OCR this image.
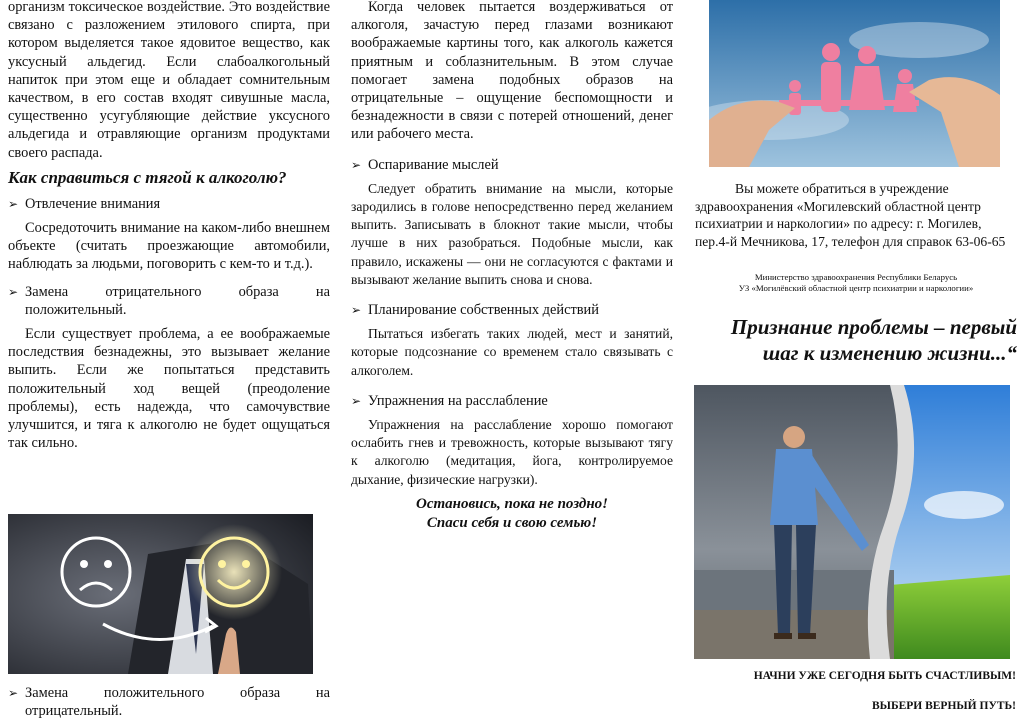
организм токсическое воздействие. Это воздействие связано с разложением этилового спирта, при котором выделяется такое ядовитое вещество, как уксусный альдегид. Если слабоалкогольный напиток при этом еще и обладает сомнительным качеством, в его состав входят сивушные масла, существенно усугубляющие действие уксусного альдегида и отравляющие организм продуктами своего распада.

Как справиться с тягой к алкоголю?
➢ Отвлечение внимания

Сосредоточить внимание на каком-либо внешнем объекте (считать проезжающие автомобили, наблюдать за людьми, поговорить с кем-то и т.д.).

➢ Замена отрицательного образа на положительный.

Если существует проблема, а ее воображаемые последствия безнадежны, это вызывает желание выпить. Если же попытаться представить положительный ход вещей (преодоление проблемы), есть надежда, что самочувствие улучшится, и тяга к алкоголю не будет ощущаться так сильно.

➢ Замена положительного образа на отрицательный.

Когда человек пытается воздерживаться от алкоголя, зачастую перед глазами возникают воображаемые картины того, как алкоголь кажется приятным и соблазнительным. В этом случае помогает замена подобных образов на отрицательные – ощущение беспомощности и безнадежности в связи с потерей отношений, денег или рабочего места.

➢ Оспаривание мыслей

Следует обратить внимание на мысли, которые зародились в голове непосредственно перед желанием выпить. Записывать в блокнот такие мысли, чтобы лучше в них разобраться. Подобные мысли, как правило, искажены — они не согласуются с фактами и вызывают желание выпить снова и снова.

➢ Планирование собственных действий

Пытаться избегать таких людей, мест и занятий, которые подсознание со временем стало связывать с алкоголем.

➢ Упражнения на расслабление

Упражнения на расслабление хорошо помогают ослабить гнев и тревожность, которые вызывают тягу к алкоголю (медитация, йога, контролируемое дыхание, физические нагрузки).

Остановись, пока не поздно!
Спаси себя и свою семью!

Вы можете обратиться в учреждение здравоохранения «Могилевский областной центр психиатрии и наркологии» по адресу: г. Могилев, пер.4-й Мечникова, 17, телефон для справок 63-06-65

Министерство здравоохранения Республики Беларусь
УЗ «Могилёвский областной центр психиатрии и наркологии»
Признание проблемы – первый шаг к изменению жизни...“
НАЧНИ УЖЕ СЕГОДНЯ БЫТЬ СЧАСТЛИВЫМ!
ВЫБЕРИ ВЕРНЫЙ ПУТЬ!
